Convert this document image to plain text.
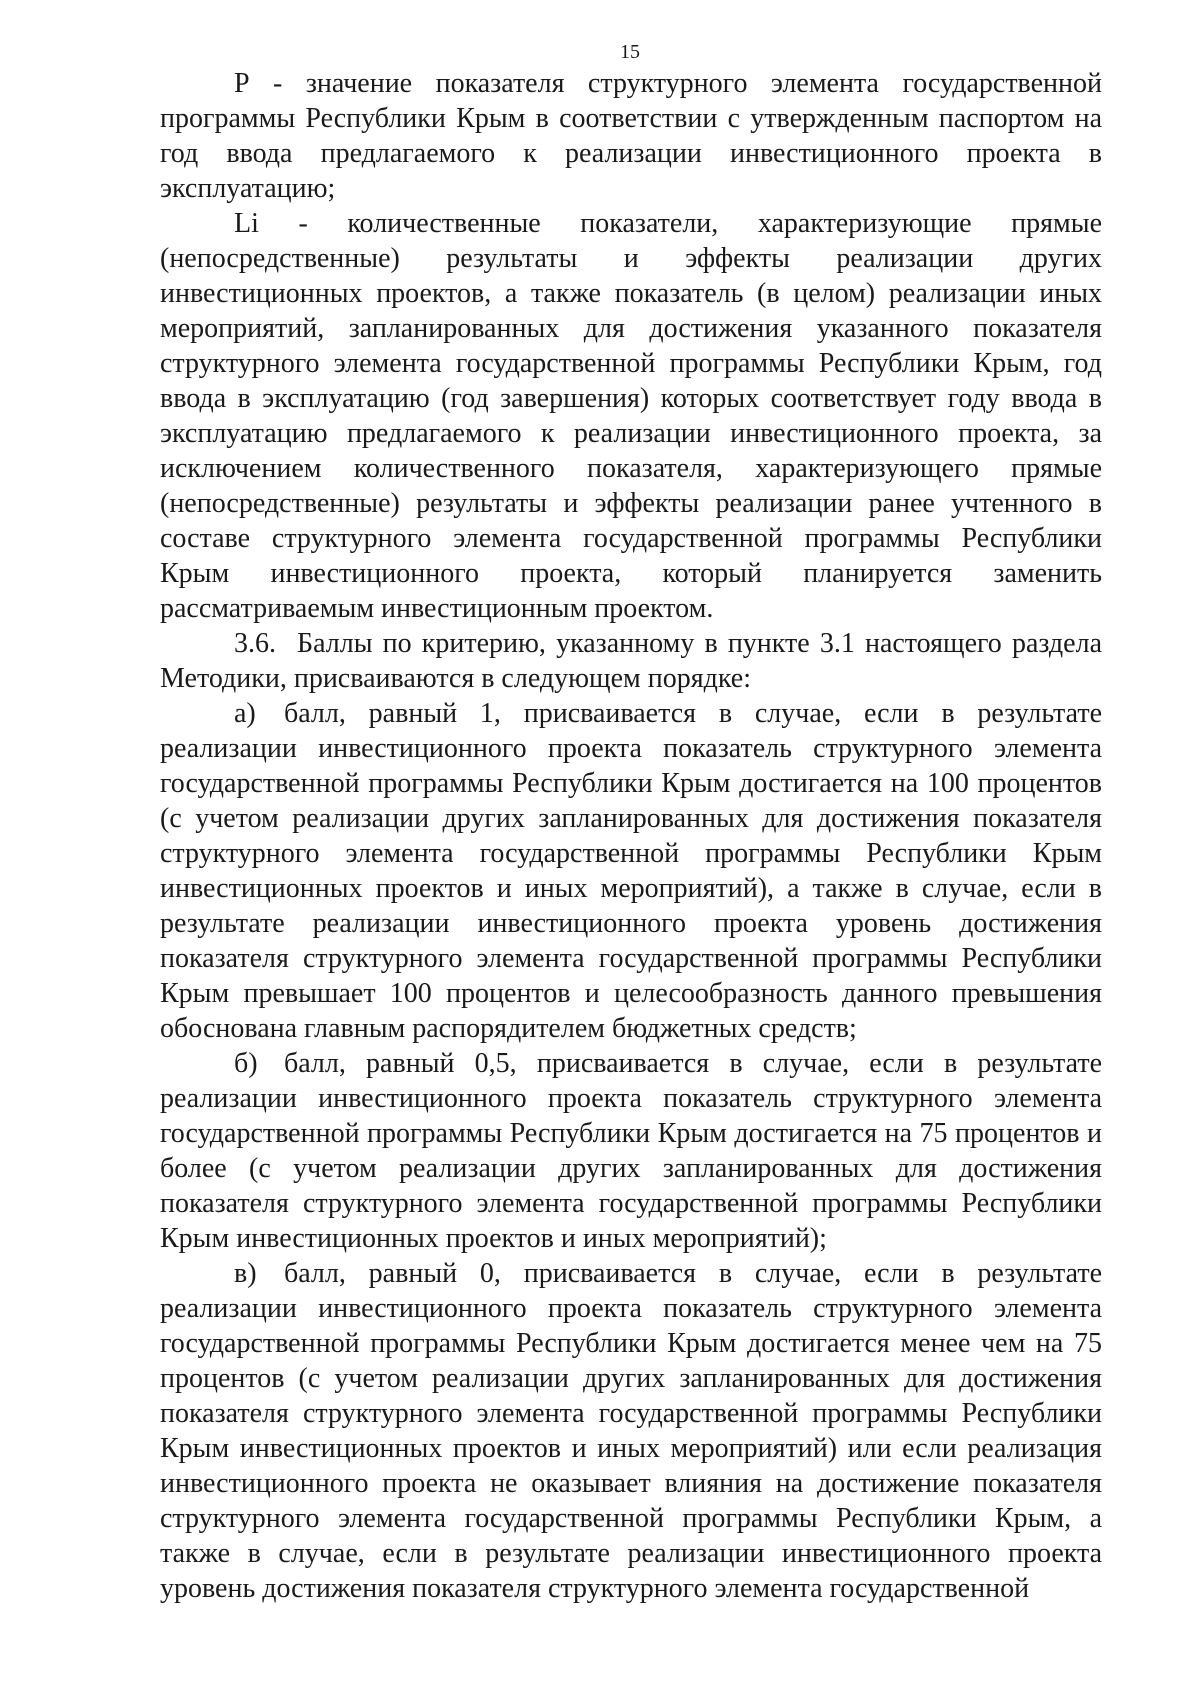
15

Р - значение показателя структурного элемента государственной программы Республики Крым в соответствии с утвержденным паспортом на год ввода предлагаемого к реализации инвестиционного проекта в эксплуатацию;

Li - количественные показатели, характеризующие прямые (непосредственные) результаты и эффекты реализации других инвестиционных проектов, а также показатель (в целом) реализации иных мероприятий, запланированных для достижения указанного показателя структурного элемента государственной программы Республики Крым, год ввода в эксплуатацию (год завершения) которых соответствует году ввода в эксплуатацию предлагаемого к реализации инвестиционного проекта, за исключением количественного показателя, характеризующего прямые (непосредственные) результаты и эффекты реализации ранее учтенного в составе структурного элемента государственной программы Республики Крым инвестиционного проекта, который планируется заменить рассматриваемым инвестиционным проектом.

3.6. Баллы по критерию, указанному в пункте 3.1 настоящего раздела Методики, присваиваются в следующем порядке:

а) балл, равный 1, присваивается в случае, если в результате реализации инвестиционного проекта показатель структурного элемента государственной программы Республики Крым достигается на 100 процентов (с учетом реализации других запланированных для достижения показателя структурного элемента государственной программы Республики Крым инвестиционных проектов и иных мероприятий), а также в случае, если в результате реализации инвестиционного проекта уровень достижения показателя структурного элемента государственной программы Республики Крым превышает 100 процентов и целесообразность данного превышения обоснована главным распорядителем бюджетных средств;

б) балл, равный 0,5, присваивается в случае, если в результате реализации инвестиционного проекта показатель структурного элемента государственной программы Республики Крым достигается на 75 процентов и более (с учетом реализации других запланированных для достижения показателя структурного элемента государственной программы Республики Крым инвестиционных проектов и иных мероприятий);

в) балл, равный 0, присваивается в случае, если в результате реализации инвестиционного проекта показатель структурного элемента государственной программы Республики Крым достигается менее чем на 75 процентов (с учетом реализации других запланированных для достижения показателя структурного элемента государственной программы Республики Крым инвестиционных проектов и иных мероприятий) или если реализация инвестиционного проекта не оказывает влияния на достижение показателя структурного элемента государственной программы Республики Крым, а также в случае, если в результате реализации инвестиционного проекта уровень достижения показателя структурного элемента государственной
